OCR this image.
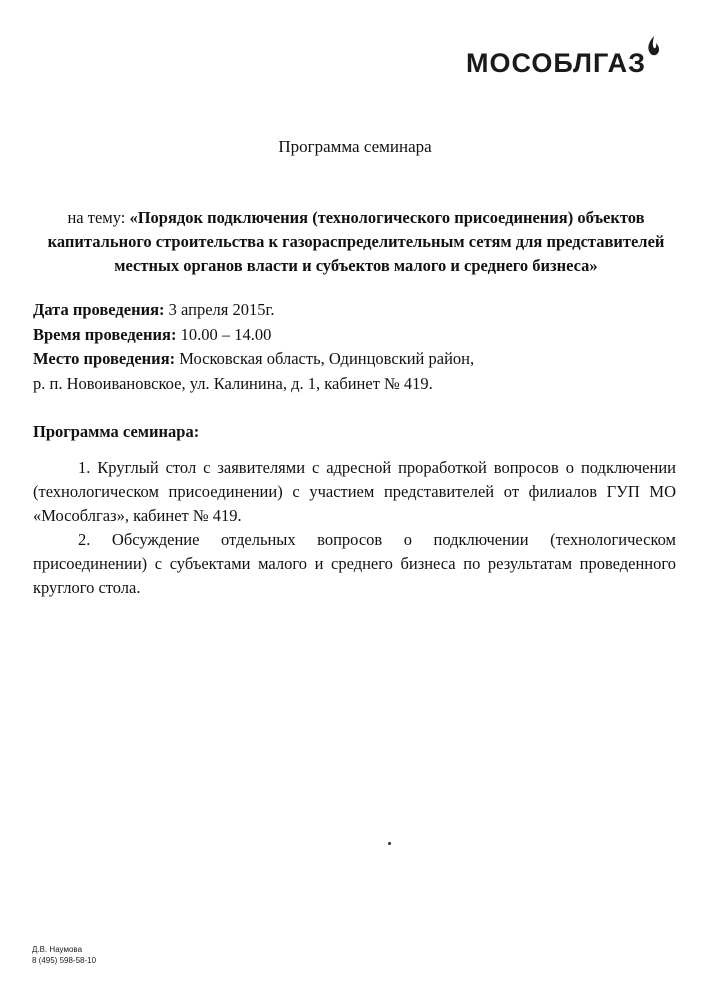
МОСОБЛГАЗ
Программа семинара
на тему: «Порядок подключения (технологического присоединения) объектов капитального строительства к газораспределительным сетям для представителей местных органов власти и субъектов малого и среднего бизнеса»
Дата проведения: 3 апреля 2015г.
Время проведения: 10.00 – 14.00
Место проведения: Московская область, Одинцовский район,
р. п. Новоивановское, ул. Калинина, д. 1, кабинет № 419.
Программа семинара:

1. Круглый стол с заявителями с адресной проработкой вопросов о подключении (технологическом присоединении) с участием представителей от филиалов ГУП МО «Мособлгаз», кабинет № 419.

2. Обсуждение отдельных вопросов о подключении (технологическом присоединении) с субъектами малого и среднего бизнеса по результатам проведенного круглого стола.

Д.В. Наумова
8 (495) 598-58-10
